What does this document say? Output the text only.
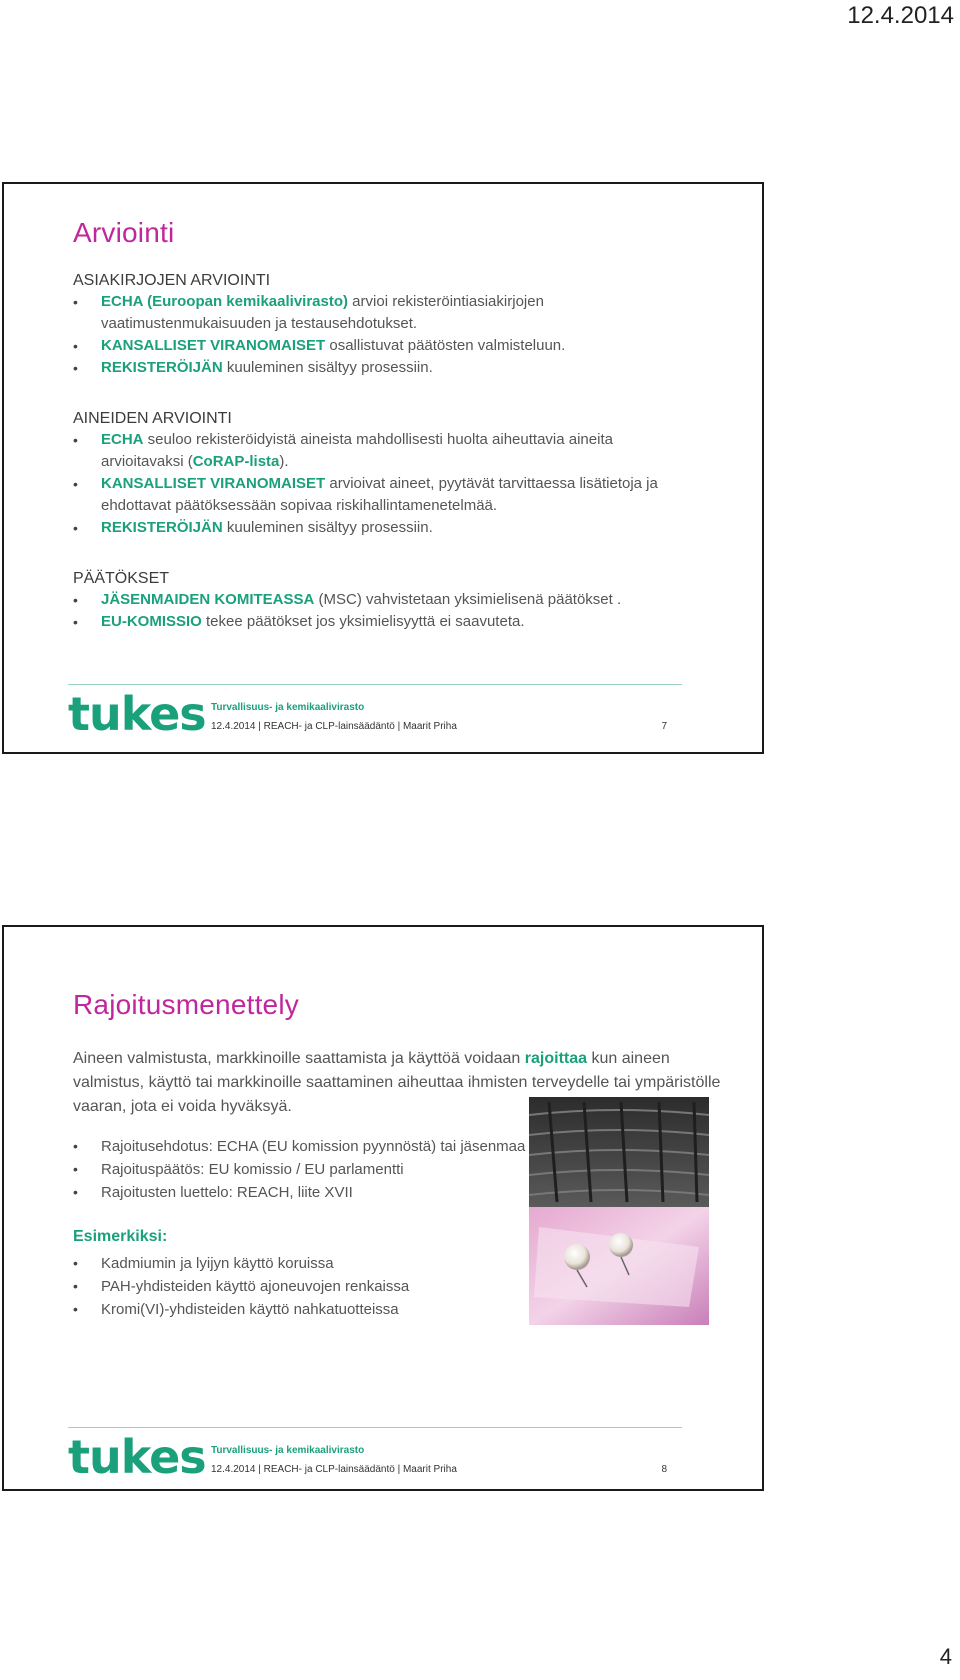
12.4.2014
Arviointi
ASIAKIRJOJEN ARVIOINTI
• ECHA (Euroopan kemikaalivirasto) arvioi rekisteröintiasiakirjojen vaatimustenmukaisuuden ja testausehdotukset.
• KANSALLISET VIRANOMAISET osallistuvat päätösten valmisteluun.
• REKISTERÖIJÄN kuuleminen sisältyy prosessiin.
AINEIDEN ARVIOINTI
• ECHA seuloo rekisteröidyistä aineista mahdollisesti huolta aiheuttavia aineita arvioitavaksi (CoRAP-lista).
• KANSALLISET VIRANOMAISET arvioivat aineet, pyytävät tarvittaessa lisätietoja ja ehdottavat päätöksessään sopivaa riskihallintamenetelmää.
• REKISTERÖIJÄN kuuleminen sisältyy prosessiin.
PÄÄTÖKSET
• JÄSENMAIDEN KOMITEASSA (MSC) vahvistetaan yksimielisenä päätökset .
• EU-KOMISSIO tekee päätökset jos yksimielisyyttä ei saavuteta.
tukes Turvallisuus- ja kemikaalivirasto
12.4.2014 | REACH- ja CLP-lainsäädäntö | Maarit Priha	7
Rajoitusmenettely

Aineen valmistusta, markkinoille saattamista ja käyttöä voidaan rajoittaa kun aineen valmistus, käyttö tai markkinoille saattaminen aiheuttaa ihmisten terveydelle tai ympäristölle vaaran, jota ei voida hyväksyä.

• Rajoitusehdotus: ECHA (EU komission pyynnöstä) tai jäsenmaa
• Rajoituspäätös: EU komissio / EU parlamentti
• Rajoitusten luettelo: REACH, liite XVII
Esimerkiksi:
• Kadmiumin ja lyijyn käyttö koruissa
• PAH-yhdisteiden käyttö ajoneuvojen renkaissa
• Kromi(VI)-yhdisteiden käyttö nahkatuotteissa
tukes Turvallisuus- ja kemikaalivirasto
12.4.2014 | REACH- ja CLP-lainsäädäntö | Maarit Priha	8
4
